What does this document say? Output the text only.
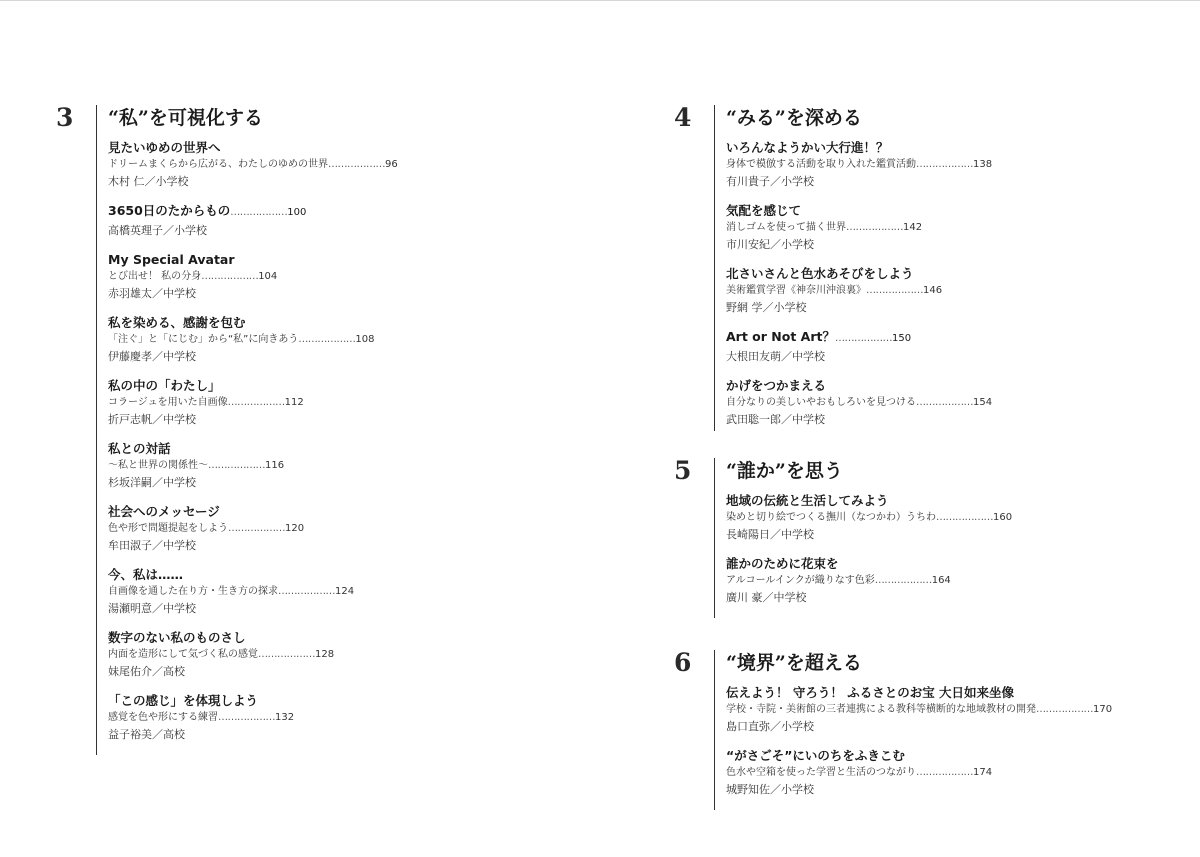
3 “私”を可視化する
見たいゆめの世界へ
ドリームまくらから広がる、わたしのゆめの世界………………96
木村 仁／小学校
3650日のたからもの………………100
高橋英理子／小学校
My Special Avatar
とび出せ！ 私の分身………………104
赤羽雄太／中学校
私を染める、感謝を包む
「注ぐ」と「にじむ」から“私”に向きあう………………108
伊藤慶孝／中学校
私の中の「わたし」
コラージュを用いた自画像………………112
折戸志帆／中学校
私との対話
〜私と世界の関係性〜………………116
杉坂洋嗣／中学校
社会へのメッセージ
色や形で問題提起をしよう………………120
牟田淑子／中学校
今、私は……
自画像を通した在り方・生き方の探求………………124
湯瀬明意／中学校
数字のない私のものさし
内面を造形にして気づく私の感覚………………128
妹尾佑介／高校
「この感じ」を体現しよう
感覚を色や形にする練習………………132
益子裕美／高校
4 “みる”を深める
いろんなようかい大行進！？
身体で模倣する活動を取り入れた鑑賞活動………………138
有川貴子／小学校
気配を感じて
消しゴムを使って描く世界………………142
市川安紀／小学校
北さいさんと色水あそびをしよう
美術鑑賞学習《神奈川沖浪裏》………………146
野網 学／小学校
Art or Not Art？………………150
大根田友萌／中学校
かげをつかまえる
自分なりの美しいやおもしろいを見つける………………154
武田聡一郎／中学校
5 “誰か”を思う
地域の伝統と生活してみよう
染めと切り絵でつくる撫川（なつかわ）うちわ………………160
長崎陽日／中学校
誰かのために花束を
アルコールインクが織りなす色彩………………164
廣川 豪／中学校
6 “境界”を超える
伝えよう！ 守ろう！ ふるさとのお宝 大日如来坐像
学校・寺院・美術館の三者連携による教科等横断的な地域教材の開発………………170
島口直弥／小学校
“がさごそ”にいのちをふきこむ
色水や空箱を使った学習と生活のつながり………………174
城野知佐／小学校
